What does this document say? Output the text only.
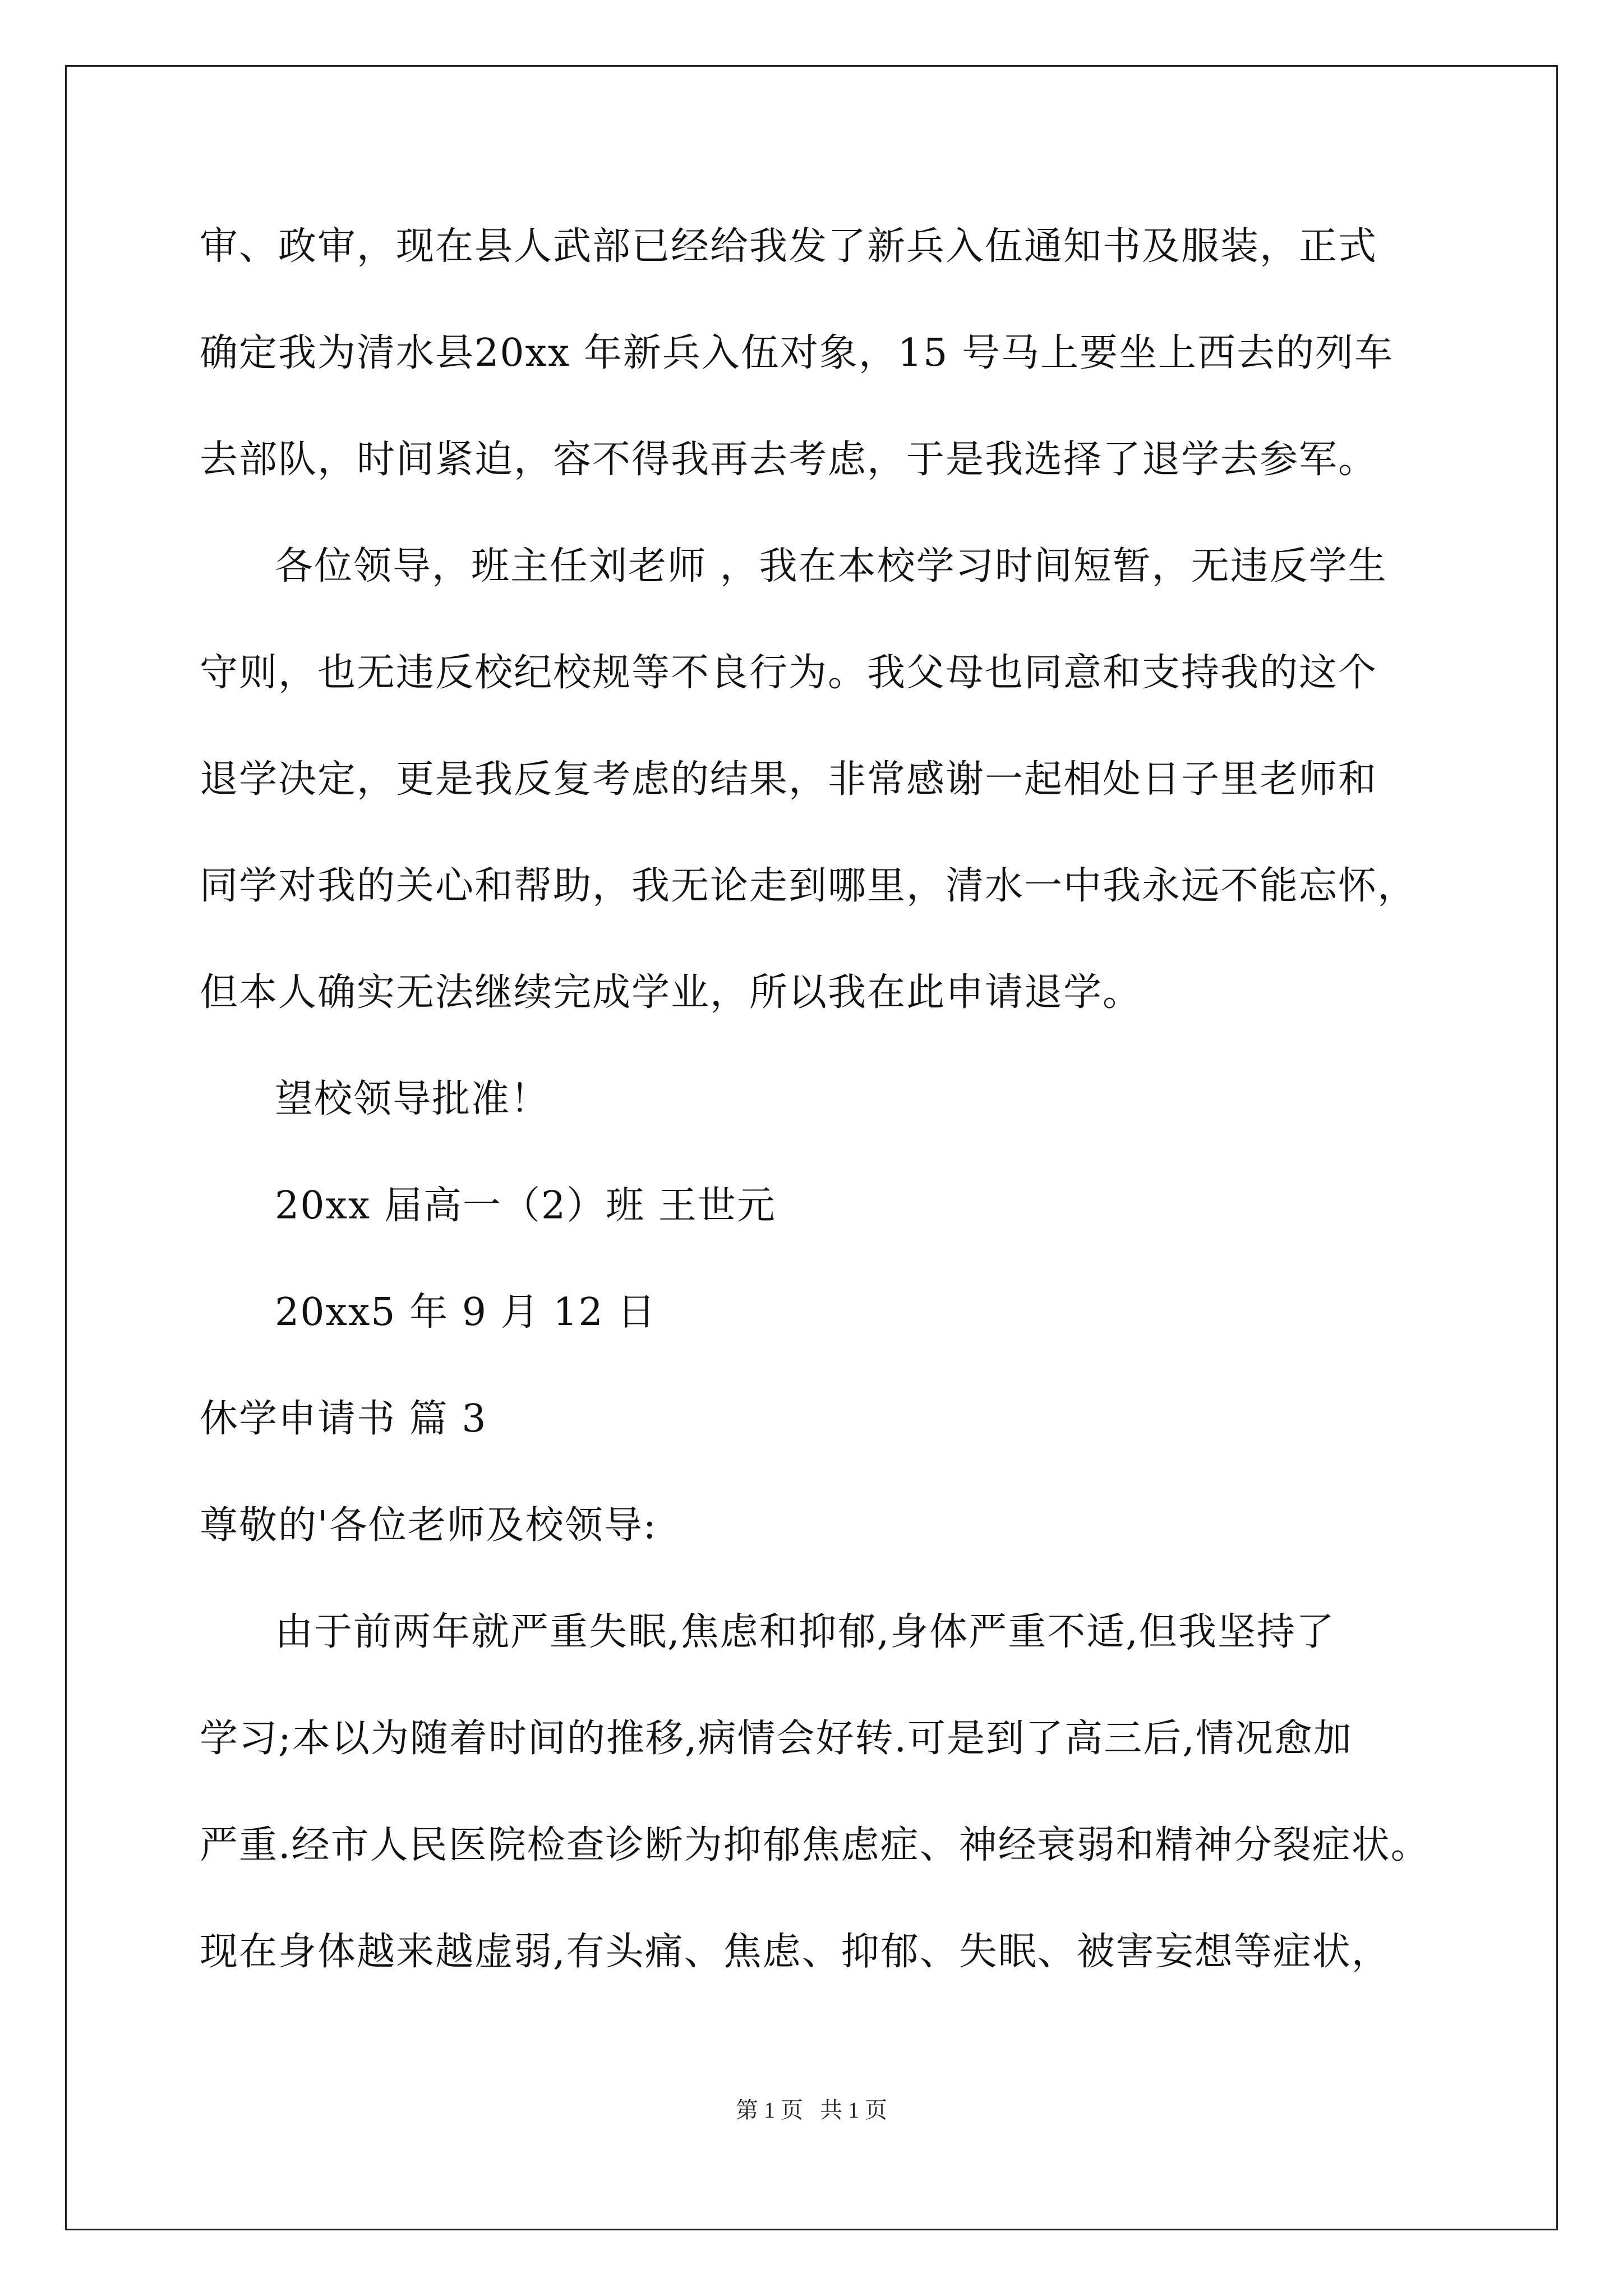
审、政审，现在县人武部已经给我发了新兵入伍通知书及服装，正式
确定我为清水县20xx 年新兵入伍对象，15 号马上要坐上西去的列车
去部队，时间紧迫，容不得我再去考虑，于是我选择了退学去参军。
各位领导，班主任刘老师 ，我在本校学习时间短暂，无违反学生
守则，也无违反校纪校规等不良行为。我父母也同意和支持我的这个
退学决定，更是我反复考虑的结果，非常感谢一起相处日子里老师和
同学对我的关心和帮助，我无论走到哪里，清水一中我永远不能忘怀，
但本人确实无法继续完成学业，所以我在此申请退学。
望校领导批准！
20xx 届高一（2）班 王世元
20xx5 年 9 月 12 日
休学申请书 篇 3
尊敬的'各位老师及校领导:
由于前两年就严重失眠,焦虑和抑郁,身体严重不适,但我坚持了
学习;本以为随着时间的推移,病情会好转.可是到了高三后,情况愈加
严重.经市人民医院检查诊断为抑郁焦虑症、神经衰弱和精神分裂症状。
现在身体越来越虚弱,有头痛、焦虑、抑郁、失眠、被害妄想等症状，
第 1 页   共 1 页
